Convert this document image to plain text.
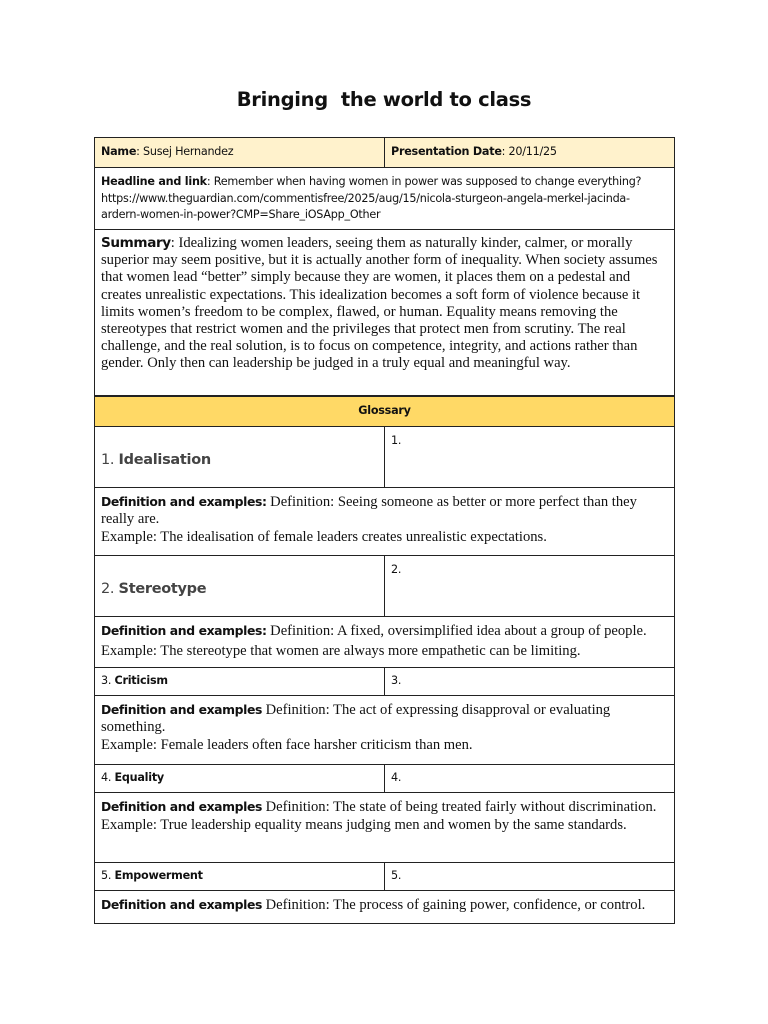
Bringing  the world to class
Name: Susej Hernandez	Presentation Date: 20/11/25
Headline and link: Remember when having women in power was supposed to change everything? https://www.theguardian.com/commentisfree/2025/aug/15/nicola-sturgeon-angela-merkel-jacinda-ardern-women-in-power?CMP=Share_iOSApp_Other	
Summary: Idealizing women leaders, seeing them as naturally kinder, calmer, or morally superior may seem positive, but it is actually another form of inequality. When society assumes that women lead “better” simply because they are women, it places them on a pedestal and creates unrealistic expectations. This idealization becomes a soft form of violence because it limits women’s freedom to be complex, flawed, or human. Equality means removing the stereotypes that restrict women and the privileges that protect men from scrutiny. The real challenge, and the real solution, is to focus on competence, integrity, and actions rather than gender. Only then can leadership be judged in a truly equal and meaningful way.	
Glossary	

1. Idealisation	1.

Definition and examples: Definition: Seeing someone as better or more perfect than they really are.
Example: The idealisation of female leaders creates unrealistic expectations.	

2. Stereotype	2.

Definition and examples: Definition: A fixed, oversimplified idea about a group of people.
Example: The stereotype that women are always more empathetic can be limiting.	

3. Criticism	3.

Definition and examples Definition: The act of expressing disapproval or evaluating something.
Example: Female leaders often face harsher criticism than men.	

4. Equality	4.

Definition and examples Definition: The state of being treated fairly without discrimination.
Example: True leadership equality means judging men and women by the same standards.	

5. Empowerment	5.

Definition and examples Definition: The process of gaining power, confidence, or control.	
